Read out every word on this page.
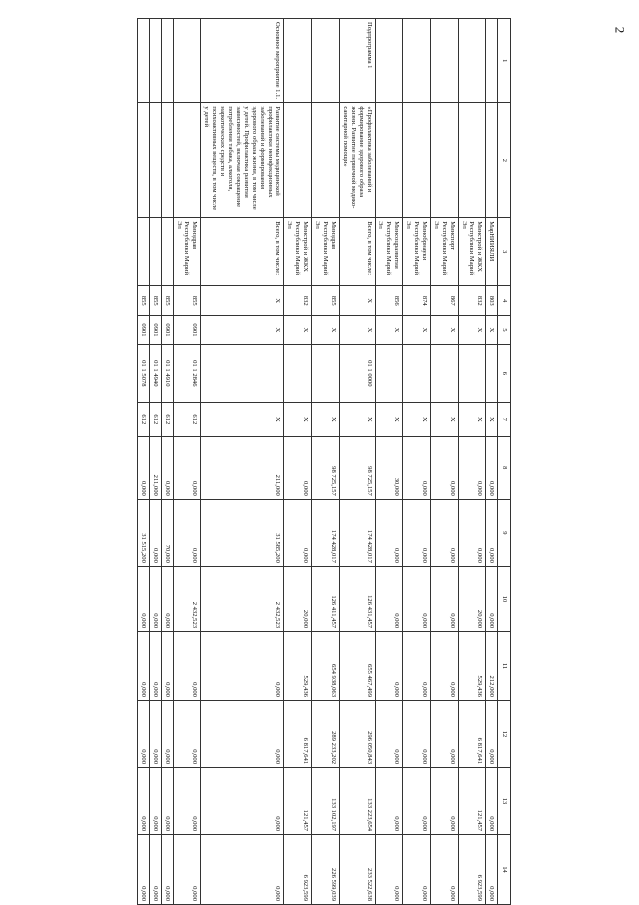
2
1	2	3	4	5	6	7	8	9	10	11	12	13	14
		МарНИИЯЛИ	803	X		X	0,000	0,000	0,000	212,000	0,000	0,000	0,000
		Минстрой и ЖКХ Республики Марий Эл	832	X		X	0,000	0,000	20,000	529,436	6 817,641	121,457	6 923,599
		Минспорт Республики Марий Эл	867	X		X	0,000	0,000	0,000	0,000	0,000	0,000	0,000
		Минобрнауки Республики Марий Эл	874	X		X	0,000	0,000	0,000	0,000	0,000	0,000	0,000
		Минсоцразвития Республики Марий Эл	856	X		X	30,000	0,000	0,000	0,000	0,000	0,000	0,000
Подпрограмма 1	«Профилактика заболеваний и формирование здорового образа жизни. Развитие первичной медико-санитарной помощи»	Всего, в том числе:	X	X	01 1 0000	X	98 725,157	174 428,017	126 431,457	655 467,499	296 050,843	133 223,654	233 522,638
		Минздрав Республики Марий Эл	855	X		X	98 725,157	174 428,017	126 411,457	654 938,063	289 233,202	133 102,197	226 599,039
		Минстрой и ЖКХ Республики Марий Эл	832	X		X	0,000	0,000	20,000	529,436	6 817,641	121,457	6 923,599
Основное мероприятие 1.1.	Развитие системы медицинской профилактики неинфекционных заболеваний и формирования здорового образа жизни, в том числе у детей. Профилактика развития зависимостей, включая сокращение потребления табака, алкоголя, наркотических средств и психоактивных веществ, в том числе у детей	Всего, в том числе:	X	X		X	211,000	31 585,200	2 432,523	0,000	0,000	0,000	0,000
		Минздрав Республики Марий Эл	855	0901	01 1 2846	612	0,000	0,000	2 432,523	0,000	0,000	0,000	0,000
			855	0901	01 1 4910	612	0,000	70,000	0,000	0,000	0,000	0,000	0,000
			855	0901	01 1 4940	612	211,000	0,000	0,000	0,000	0,000	0,000	0,000
			855	0901	01 1 5078	612	0,000	31 515,200	0,000	0,000	0,000	0,000	0,000
